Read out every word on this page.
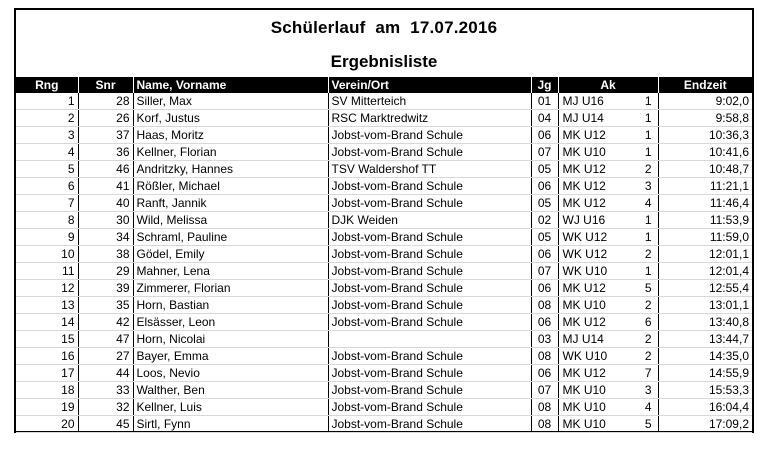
Schülerlauf  am  17.07.2016
Ergebnisliste
Rng	Snr	Name, Vorname	Verein/Ort	Jg	Ak	Endzeit
1	28	Siller, Max	SV Mitterteich	01	MJ U16 1	9:02,0
2	26	Korf, Justus	RSC Marktredwitz	04	MJ U14 1	9:58,8
3	37	Haas, Moritz	Jobst-vom-Brand Schule	06	MK U12 1	10:36,3
4	36	Kellner, Florian	Jobst-vom-Brand Schule	07	MK U10 1	10:41,6
5	46	Andritzky, Hannes	TSV Waldershof TT	05	MK U12 2	10:48,7
6	41	Rößler, Michael	Jobst-vom-Brand Schule	06	MK U12 3	11:21,1
7	40	Ranft, Jannik	Jobst-vom-Brand Schule	05	MK U12 4	11:46,4
8	30	Wild, Melissa	DJK Weiden	02	WJ U16 1	11:53,9
9	34	Schraml, Pauline	Jobst-vom-Brand Schule	05	WK U12 1	11:59,0
10	38	Gödel, Emily	Jobst-vom-Brand Schule	06	WK U12 2	12:01,1
11	29	Mahner, Lena	Jobst-vom-Brand Schule	07	WK U10 1	12:01,4
12	39	Zimmerer, Florian	Jobst-vom-Brand Schule	06	MK U12 5	12:55,4
13	35	Horn, Bastian	Jobst-vom-Brand Schule	08	MK U10 2	13:01,1
14	42	Elsässer, Leon	Jobst-vom-Brand Schule	06	MK U12 6	13:40,8
15	47	Horn, Nicolai		03	MJ U14 2	13:44,7
16	27	Bayer, Emma	Jobst-vom-Brand Schule	08	WK U10 2	14:35,0
17	44	Loos, Nevio	Jobst-vom-Brand Schule	06	MK U12 7	14:55,9
18	33	Walther, Ben	Jobst-vom-Brand Schule	07	MK U10 3	15:53,3
19	32	Kellner, Luis	Jobst-vom-Brand Schule	08	MK U10 4	16:04,4
20	45	Sirtl, Fynn	Jobst-vom-Brand Schule	08	MK U10 5	17:09,2
